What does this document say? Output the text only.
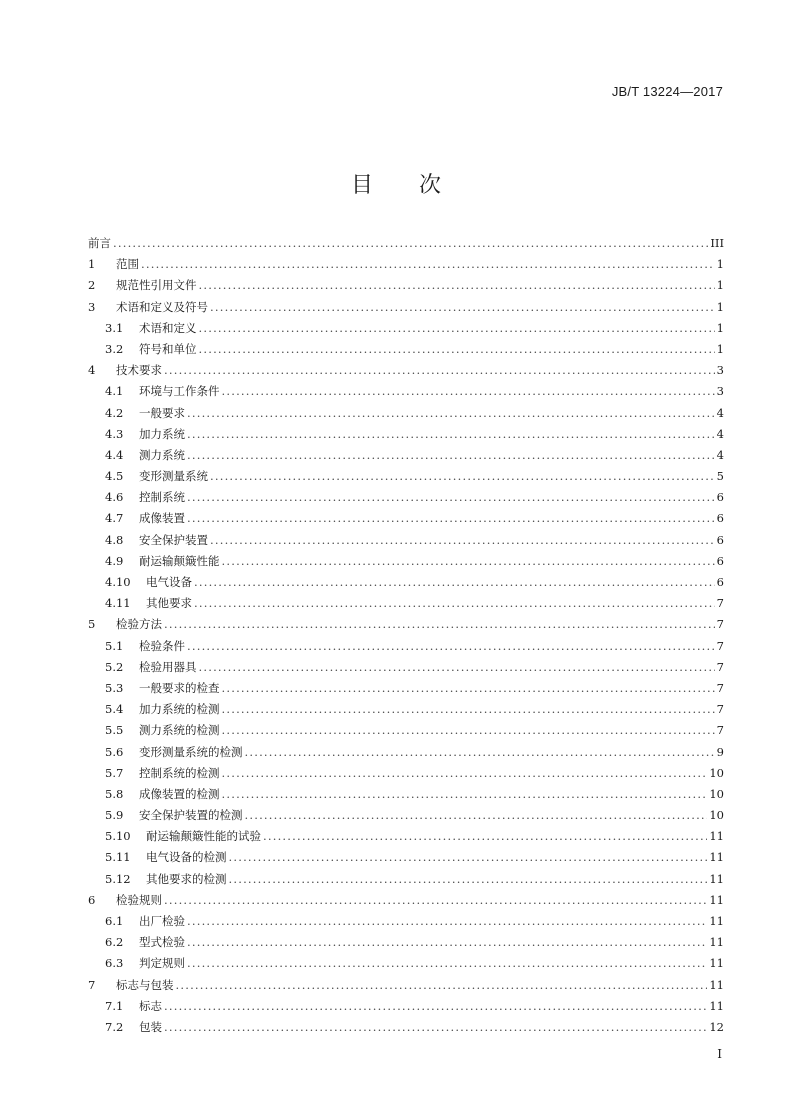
JB/T 13224—2017
目次
前言 .....	III
1	范围 .....	1
2	规范性引用文件 .....	1
3	术语和定义及符号 .....	1
3.1	术语和定义 .....	1
3.2	符号和单位 .....	1
4	技术要求 .....	3
4.1	环境与工作条件 .....	3
4.2	一般要求 .....	4
4.3	加力系统 .....	4
4.4	测力系统 .....	4
4.5	变形测量系统 .....	5
4.6	控制系统 .....	6
4.7	成像装置 .....	6
4.8	安全保护装置 .....	6
4.9	耐运输颠簸性能 .....	6
4.10	电气设备 .....	6
4.11	其他要求 .....	7
5	检验方法 .....	7
5.1	检验条件 .....	7
5.2	检验用器具 .....	7
5.3	一般要求的检查 .....	7
5.4	加力系统的检测 .....	7
5.5	测力系统的检测 .....	7
5.6	变形测量系统的检测 .....	9
5.7	控制系统的检测 .....	10
5.8	成像装置的检测 .....	10
5.9	安全保护装置的检测 .....	10
5.10	耐运输颠簸性能的试验 .....	11
5.11	电气设备的检测 .....	11
5.12	其他要求的检测 .....	11
6	检验规则 .....	11
6.1	出厂检验 .....	11
6.2	型式检验 .....	11
6.3	判定规则 .....	11
7	标志与包装 .....	11
7.1	标志 .....	11
7.2	包装 .....	12
I
